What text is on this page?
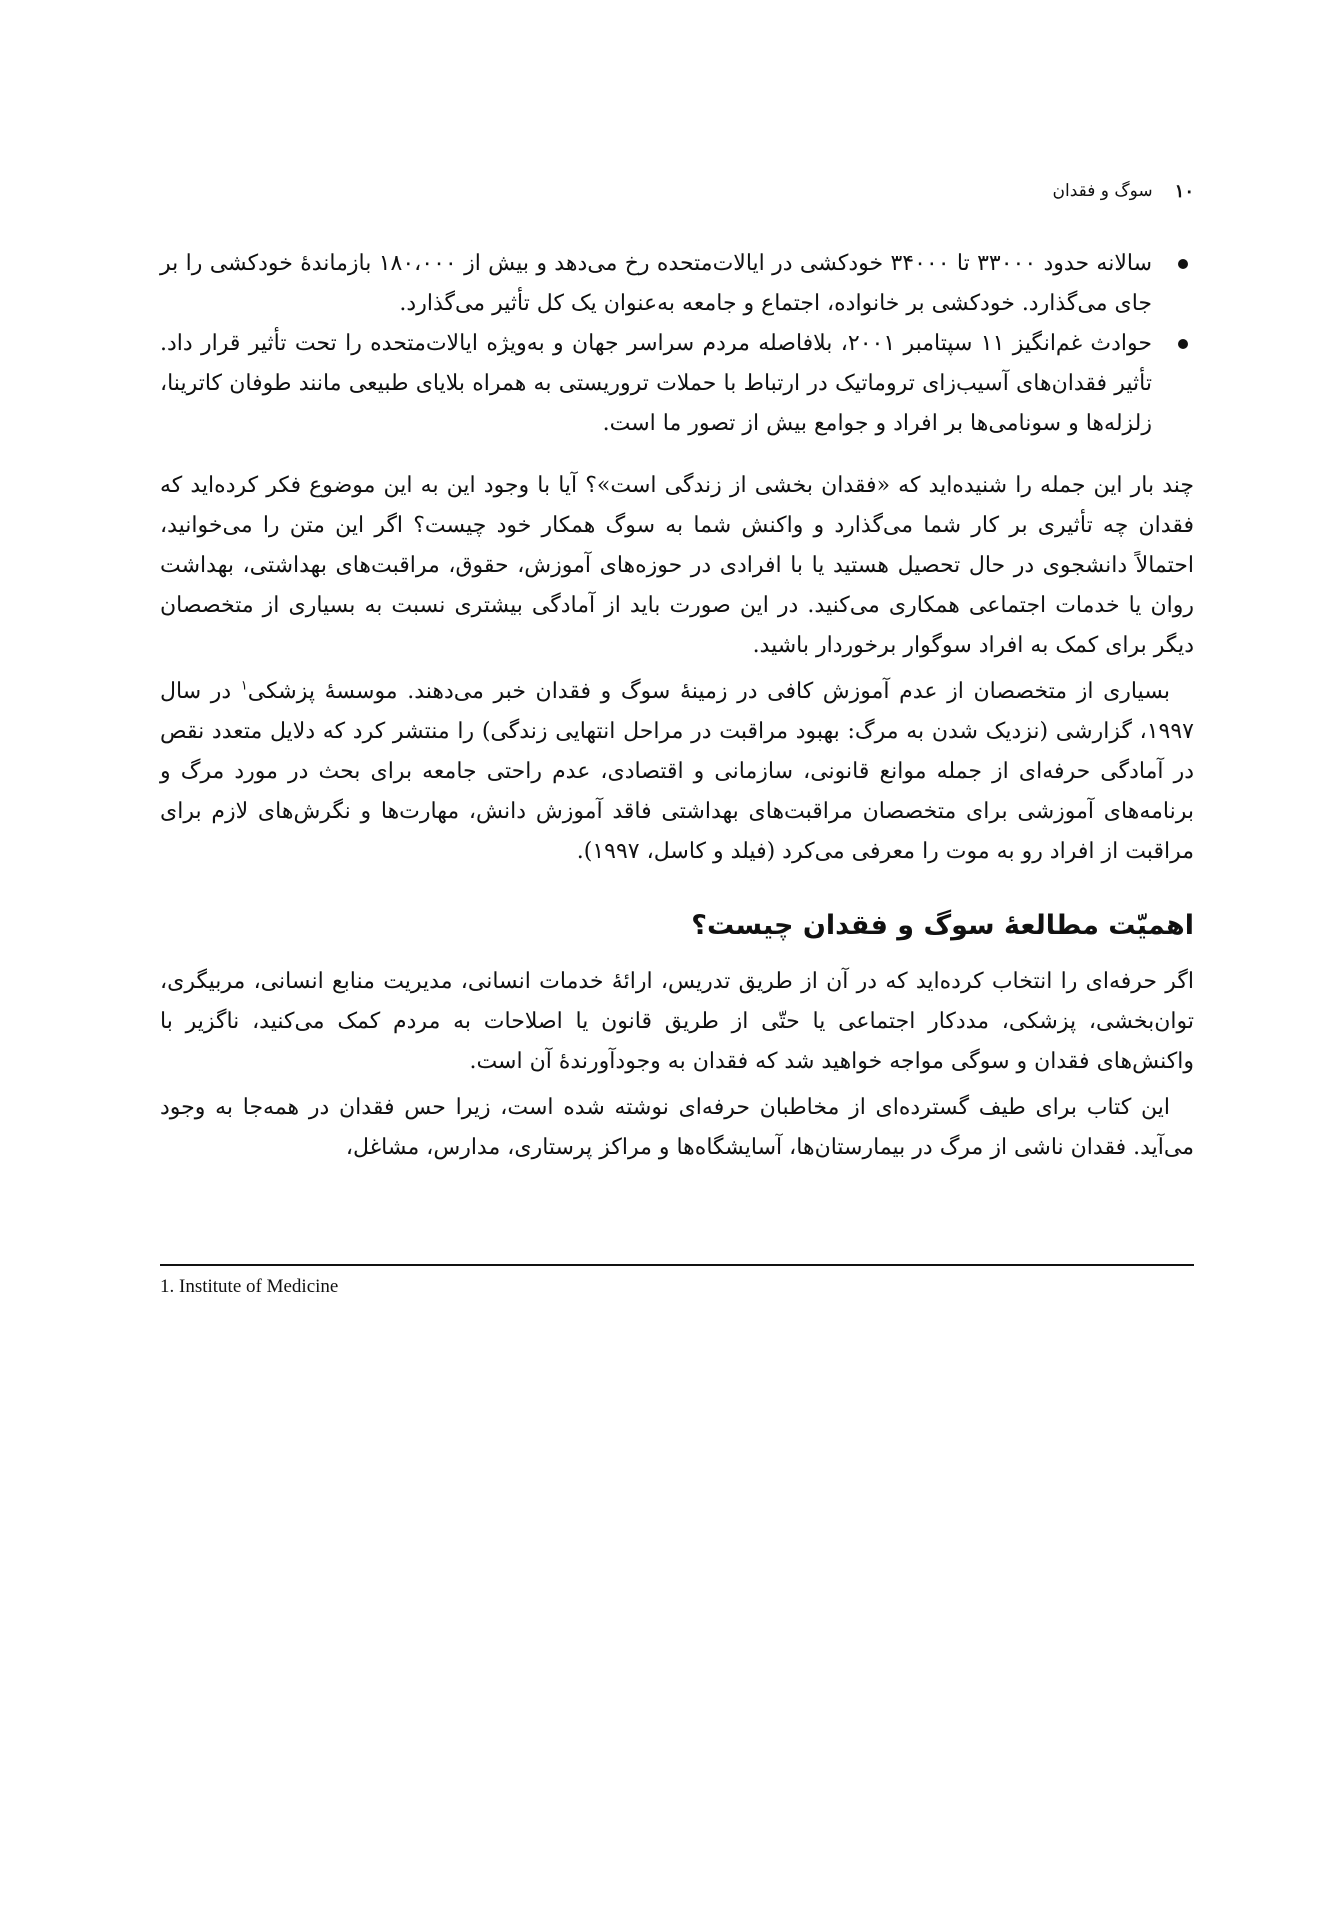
۱۰
سوگ و فقدان
سالانه حدود ۳۳۰۰۰ تا ۳۴۰۰۰ خودکشی در ایالات‌متحده رخ می‌دهد و بیش از ۱۸۰،۰۰۰ بازماندهٔ خودکشی را بر جای می‌گذارد. خودکشی بر خانواده، اجتماع و جامعه به‌عنوان یک کل تأثیر می‌گذارد.
حوادث غم‌انگیز ۱۱ سپتامبر ۲۰۰۱، بلافاصله مردم سراسر جهان و به‌ویژه ایالات‌متحده را تحت تأثیر قرار داد. تأثیر فقدان‌های آسیب‌زای تروماتیک در ارتباط با حملات تروریستی به همراه بلایای طبیعی مانند طوفان کاترینا، زلزله‌ها و سونامی‌ها بر افراد و جوامع بیش از تصور ما است.

چند بار این جمله را شنیده‌اید که «فقدان بخشی از زندگی است»؟ آیا با وجود این به این موضوع فکر کرده‌اید که فقدان چه تأثیری بر کار شما می‌گذارد و واکنش شما به سوگ همکار خود چیست؟ اگر این متن را می‌خوانید، احتمالاً دانشجوی در حال تحصیل هستید یا با افرادی در حوزه‌های آموزش، حقوق، مراقبت‌های بهداشتی، بهداشت روان یا خدمات اجتماعی همکاری می‌کنید. در این صورت باید از آمادگی بیشتری نسبت به بسیاری از متخصصان دیگر برای کمک به افراد سوگوار برخوردار باشید.

بسیاری از متخصصان از عدم آموزش کافی در زمینهٔ سوگ و فقدان خبر می‌دهند. موسسهٔ پزشکی$^۱$ در سال ۱۹۹۷، گزارشی (نزدیک شدن به مرگ: بهبود مراقبت در مراحل انتهایی زندگی) را منتشر کرد که دلایل متعدد نقص در آمادگی حرفه‌ای از جمله موانع قانونی، سازمانی و اقتصادی، عدم راحتی جامعه برای بحث در مورد مرگ و برنامه‌های آموزشی برای متخصصان مراقبت‌های بهداشتی فاقد آموزش دانش، مهارت‌ها و نگرش‌های لازم برای مراقبت از افراد رو به موت را معرفی می‌کرد (فیلد و کاسل، ۱۹۹۷).

اهمیّت مطالعهٔ سوگ و فقدان چیست؟

اگر حرفه‌ای را انتخاب کرده‌اید که در آن از طریق تدریس، ارائهٔ خدمات انسانی، مدیریت منابع انسانی، مربیگری، توان‌بخشی، پزشکی، مددکار اجتماعی یا حتّی از طریق قانون یا اصلاحات به مردم کمک می‌کنید، ناگزیر با واکنش‌های فقدان و سوگی مواجه خواهید شد که فقدان به وجودآورندهٔ آن است.

این کتاب برای طیف گسترده‌ای از مخاطبان حرفه‌ای نوشته شده است، زیرا حس فقدان در همه‌جا به وجود می‌آید. فقدان ناشی از مرگ در بیمارستان‌ها، آسایشگاه‌ها و مراکز پرستاری، مدارس، مشاغل،

1. Institute of Medicine
